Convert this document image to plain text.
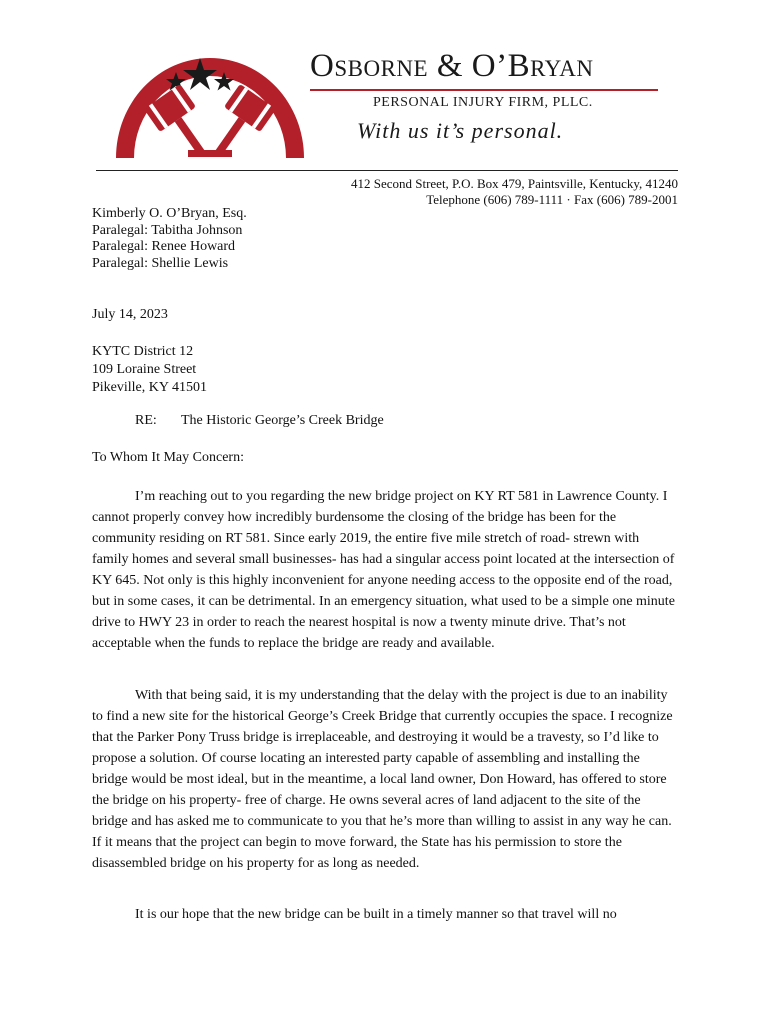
Osborne & O’Bryan
PERSONAL INJURY FIRM, PLLC.
With us it’s personal.
412 Second Street, P.O. Box 479, Paintsville, Kentucky, 41240
Telephone (606) 789-1111 · Fax (606) 789-2001
Kimberly O. O’Bryan, Esq.
Paralegal: Tabitha Johnson
Paralegal: Renee Howard
Paralegal: Shellie Lewis
July 14, 2023
KYTC District 12
109 Loraine Street
Pikeville, KY 41501
RE: The Historic George’s Creek Bridge
To Whom It May Concern:

I’m reaching out to you regarding the new bridge project on KY RT 581 in Lawrence County. I cannot properly convey how incredibly burdensome the closing of the bridge has been for the community residing on RT 581. Since early 2019, the entire five mile stretch of road- strewn with family homes and several small businesses- has had a singular access point located at the intersection of KY 645. Not only is this highly inconvenient for anyone needing access to the opposite end of the road, but in some cases, it can be detrimental. In an emergency situation, what used to be a simple one minute drive to HWY 23 in order to reach the nearest hospital is now a twenty minute drive. That’s not acceptable when the funds to replace the bridge are ready and available.

With that being said, it is my understanding that the delay with the project is due to an inability to find a new site for the historical George’s Creek Bridge that currently occupies the space. I recognize that the Parker Pony Truss bridge is irreplaceable, and destroying it would be a travesty, so I’d like to propose a solution. Of course locating an interested party capable of assembling and installing the bridge would be most ideal, but in the meantime, a local land owner, Don Howard, has offered to store the bridge on his property- free of charge. He owns several acres of land adjacent to the site of the bridge and has asked me to communicate to you that he’s more than willing to assist in any way he can. If it means that the project can begin to move forward, the State has his permission to store the disassembled bridge on his property for as long as needed.

It is our hope that the new bridge can be built in a timely manner so that travel will no
